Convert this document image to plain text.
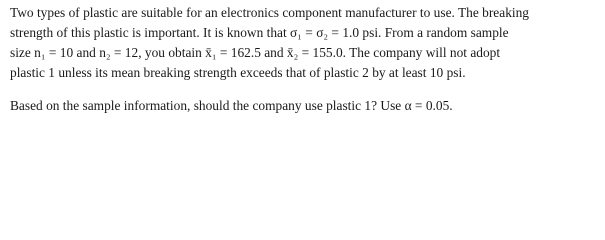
Two types of plastic are suitable for an electronics component manufacturer to use. The breaking
strength of this plastic is important. It is known that σ₁ = σ₂ = 1.0 psi. From a random sample
size n₁ = 10 and n₂ = 12, you obtain x̄₁ = 162.5 and x̄₂ = 155.0. The company will not adopt
plastic 1 unless its mean breaking strength exceeds that of plastic 2 by at least 10 psi.

Based on the sample information, should the company use plastic 1? Use α = 0.05.
